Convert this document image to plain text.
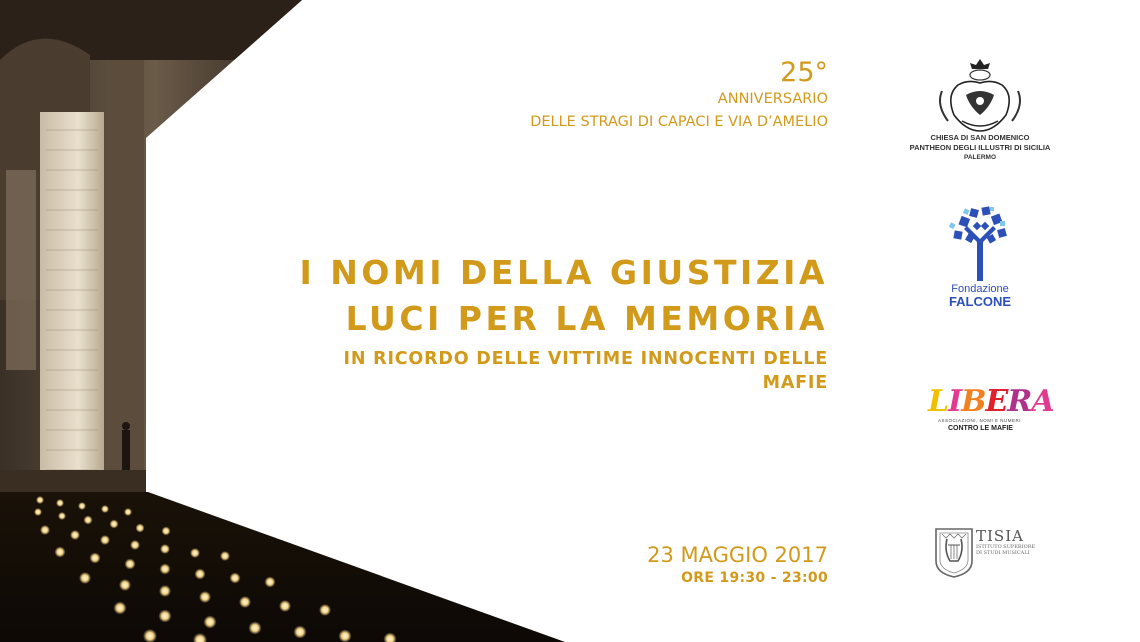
25°
ANNIVERSARIO
DELLE STRAGI DI CAPACI E VIA D’AMELIO
I NOMI DELLA GIUSTIZIA
LUCI PER LA MEMORIA
IN RICORDO DELLE VITTIME INNOCENTI DELLE MAFIE
23 MAGGIO 2017
ORE 19:30 - 23:00
CHIESA DI SAN DOMENICO
PANTHEON DEGLI ILLUSTRI DI SICILIA
PALERMO
Fondazione
FALCONE
LIBERA
ASSOCIAZIONI, NOMI E NUMERI
CONTRO LE MAFIE
TISIA
ISTITUTO SUPERIORE DI STUDI MUSICALI
